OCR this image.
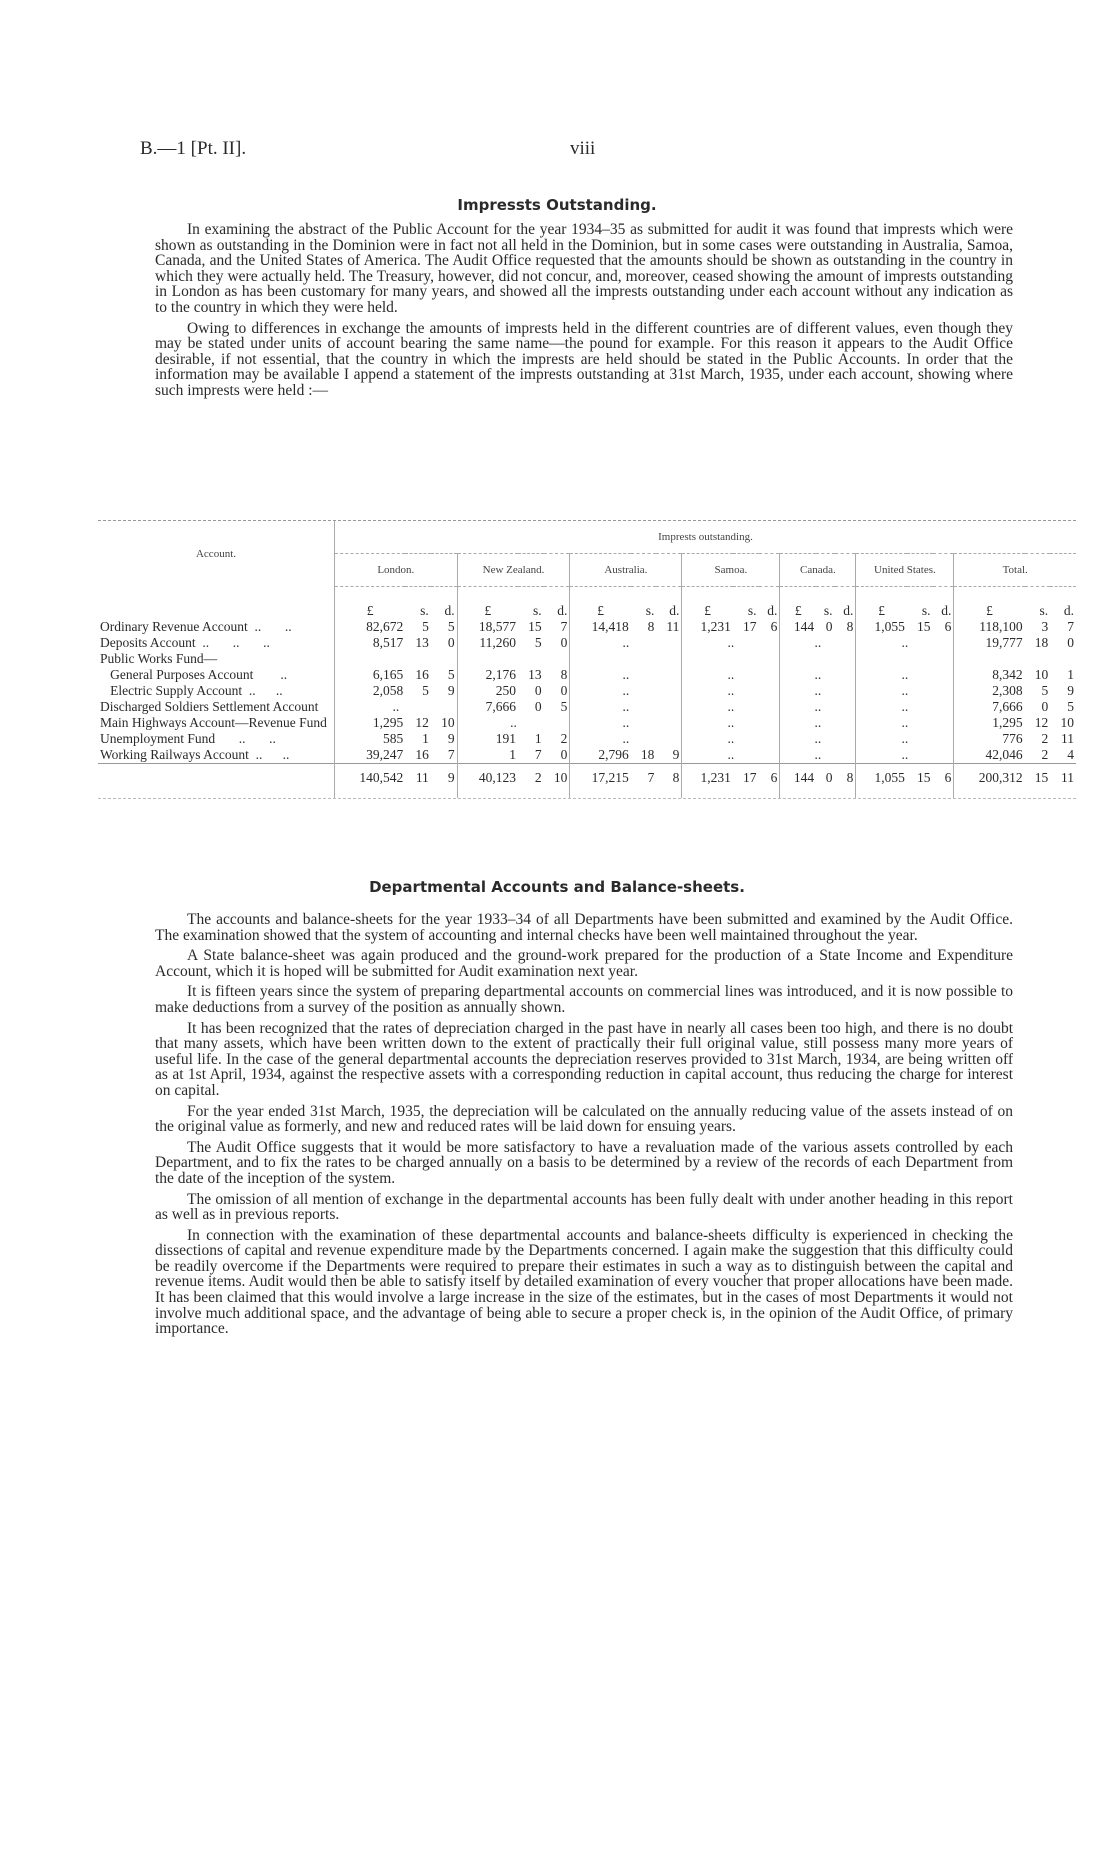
B.—1 [Pt. II].	viii
Impressts Outstanding.

In examining the abstract of the Public Account for the year 1934–35 as submitted for audit it was found that imprests which were shown as outstanding in the Dominion were in fact not all held in the Dominion, but in some cases were outstanding in Australia, Samoa, Canada, and the United States of America. The Audit Office requested that the amounts should be shown as outstanding in the country in which they were actually held. The Treasury, however, did not concur, and, moreover, ceased showing the amount of imprests outstanding in London as has been customary for many years, and showed all the imprests outstanding under each account without any indication as to the country in which they were held.

Owing to differences in exchange the amounts of imprests held in the different countries are of different values, even though they may be stated under units of account bearing the same name—the pound for example. For this reason it appears to the Audit Office desirable, if not essential, that the country in which the imprests are held should be stated in the Public Accounts. In order that the information may be available I append a statement of the imprests outstanding at 31st March, 1935, under each account, showing where such imprests were held :—

Account.	Imprests outstanding.																				
	London.			New Zealand.			Australia.			Samoa.			Canada.			United States.			Total.		

	£	s.	d.	£	s.	d.	£	s.	d.	£	s.	d.	£	s.	d.	£	s.	d.	£	s.	d.
Ordinary Revenue Account  ..       ..	82,672	5	5	18,577	15	7	14,418	8	11	1,231	17	6	144	0	8	1,055	15	6	118,100	3	7
Deposits Account  ..       ..       ..	8,517	13	0	11,260	5	0	..			..			..			..			19,777	18	0
Public Works Fund—																					
General Purposes Account        ..	6,165	16	5	2,176	13	8	..			..			..			..			8,342	10	1
Electric Supply Account  ..      ..	2,058	5	9	250	0	0	..			..			..			..			2,308	5	9
Discharged Soldiers Settlement Account	..			7,666	0	5	..			..			..			..			7,666	0	5
Main Highways Account—Revenue Fund	1,295	12	10	..			..			..			..			..			1,295	12	10
Unemployment Fund       ..       ..	585	1	9	191	1	2	..			..			..			..			776	2	11
Working Railways Account  ..      ..	39,247	16	7	1	7	0	2,796	18	9	..			..			..			42,046	2	4
	140,542	11	9	40,123	2	10	17,215	7	8	1,231	17	6	144	0	8	1,055	15	6	200,312	15	11

Departmental Accounts and Balance-sheets.

The accounts and balance-sheets for the year 1933–34 of all Departments have been submitted and examined by the Audit Office. The examination showed that the system of accounting and internal checks have been well maintained throughout the year.

A State balance-sheet was again produced and the ground-work prepared for the production of a State Income and Expenditure Account, which it is hoped will be submitted for Audit examination next year.

It is fifteen years since the system of preparing departmental accounts on commercial lines was introduced, and it is now possible to make deductions from a survey of the position as annually shown.

It has been recognized that the rates of depreciation charged in the past have in nearly all cases been too high, and there is no doubt that many assets, which have been written down to the extent of practically their full original value, still possess many more years of useful life. In the case of the general departmental accounts the depreciation reserves provided to 31st March, 1934, are being written off as at 1st April, 1934, against the respective assets with a corresponding reduction in capital account, thus reducing the charge for interest on capital.

For the year ended 31st March, 1935, the depreciation will be calculated on the annually reducing value of the assets instead of on the original value as formerly, and new and reduced rates will be laid down for ensuing years.

The Audit Office suggests that it would be more satisfactory to have a revaluation made of the various assets controlled by each Department, and to fix the rates to be charged annually on a basis to be determined by a review of the records of each Department from the date of the inception of the system.

The omission of all mention of exchange in the departmental accounts has been fully dealt with under another heading in this report as well as in previous reports.

In connection with the examination of these departmental accounts and balance-sheets difficulty is experienced in checking the dissections of capital and revenue expenditure made by the Departments concerned. I again make the suggestion that this difficulty could be readily overcome if the Departments were required to prepare their estimates in such a way as to distinguish between the capital and revenue items. Audit would then be able to satisfy itself by detailed examination of every voucher that proper allocations have been made. It has been claimed that this would involve a large increase in the size of the estimates, but in the cases of most Departments it would not involve much additional space, and the advantage of being able to secure a proper check is, in the opinion of the Audit Office, of primary importance.
